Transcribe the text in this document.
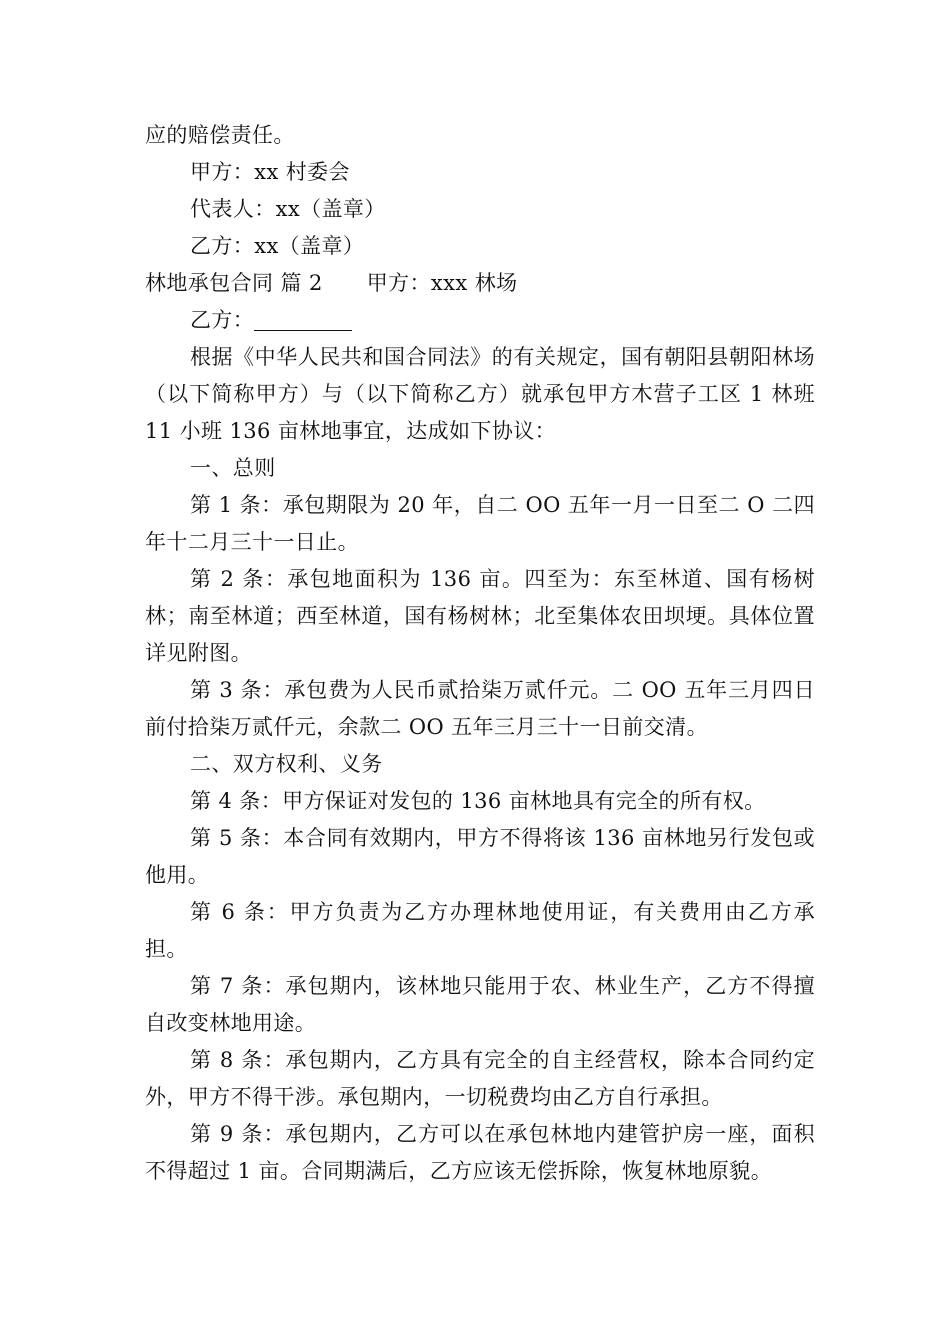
应的赔偿责任。

甲方：xx 村委会

代表人：xx（盖章）

乙方：xx（盖章）

林地承包合同 篇 2 甲方：xxx 林场

乙方：

根据《中华人民共和国合同法》的有关规定，国有朝阳县朝阳林场（以下简称甲方）与（以下简称乙方）就承包甲方木营子工区 1 林班 11 小班 136 亩林地事宜，达成如下协议：

一、总则

第 1 条：承包期限为 20 年，自二 OO 五年一月一日至二 O 二四年十二月三十一日止。

第 2 条：承包地面积为 136 亩。四至为：东至林道、国有杨树林；南至林道；西至林道，国有杨树林；北至集体农田坝埂。具体位置详见附图。

第 3 条：承包费为人民币贰拾柒万贰仟元。二 OO 五年三月四日前付拾柒万贰仟元，余款二 OO 五年三月三十一日前交清。

二、双方权利、义务

第 4 条：甲方保证对发包的 136 亩林地具有完全的所有权。

第 5 条：本合同有效期内，甲方不得将该 136 亩林地另行发包或他用。

第 6 条：甲方负责为乙方办理林地使用证，有关费用由乙方承担。

第 7 条：承包期内，该林地只能用于农、林业生产，乙方不得擅自改变林地用途。

第 8 条：承包期内，乙方具有完全的自主经营权，除本合同约定外，甲方不得干涉。承包期内，一切税费均由乙方自行承担。

第 9 条：承包期内，乙方可以在承包林地内建管护房一座，面积不得超过 1 亩。合同期满后，乙方应该无偿拆除，恢复林地原貌。
